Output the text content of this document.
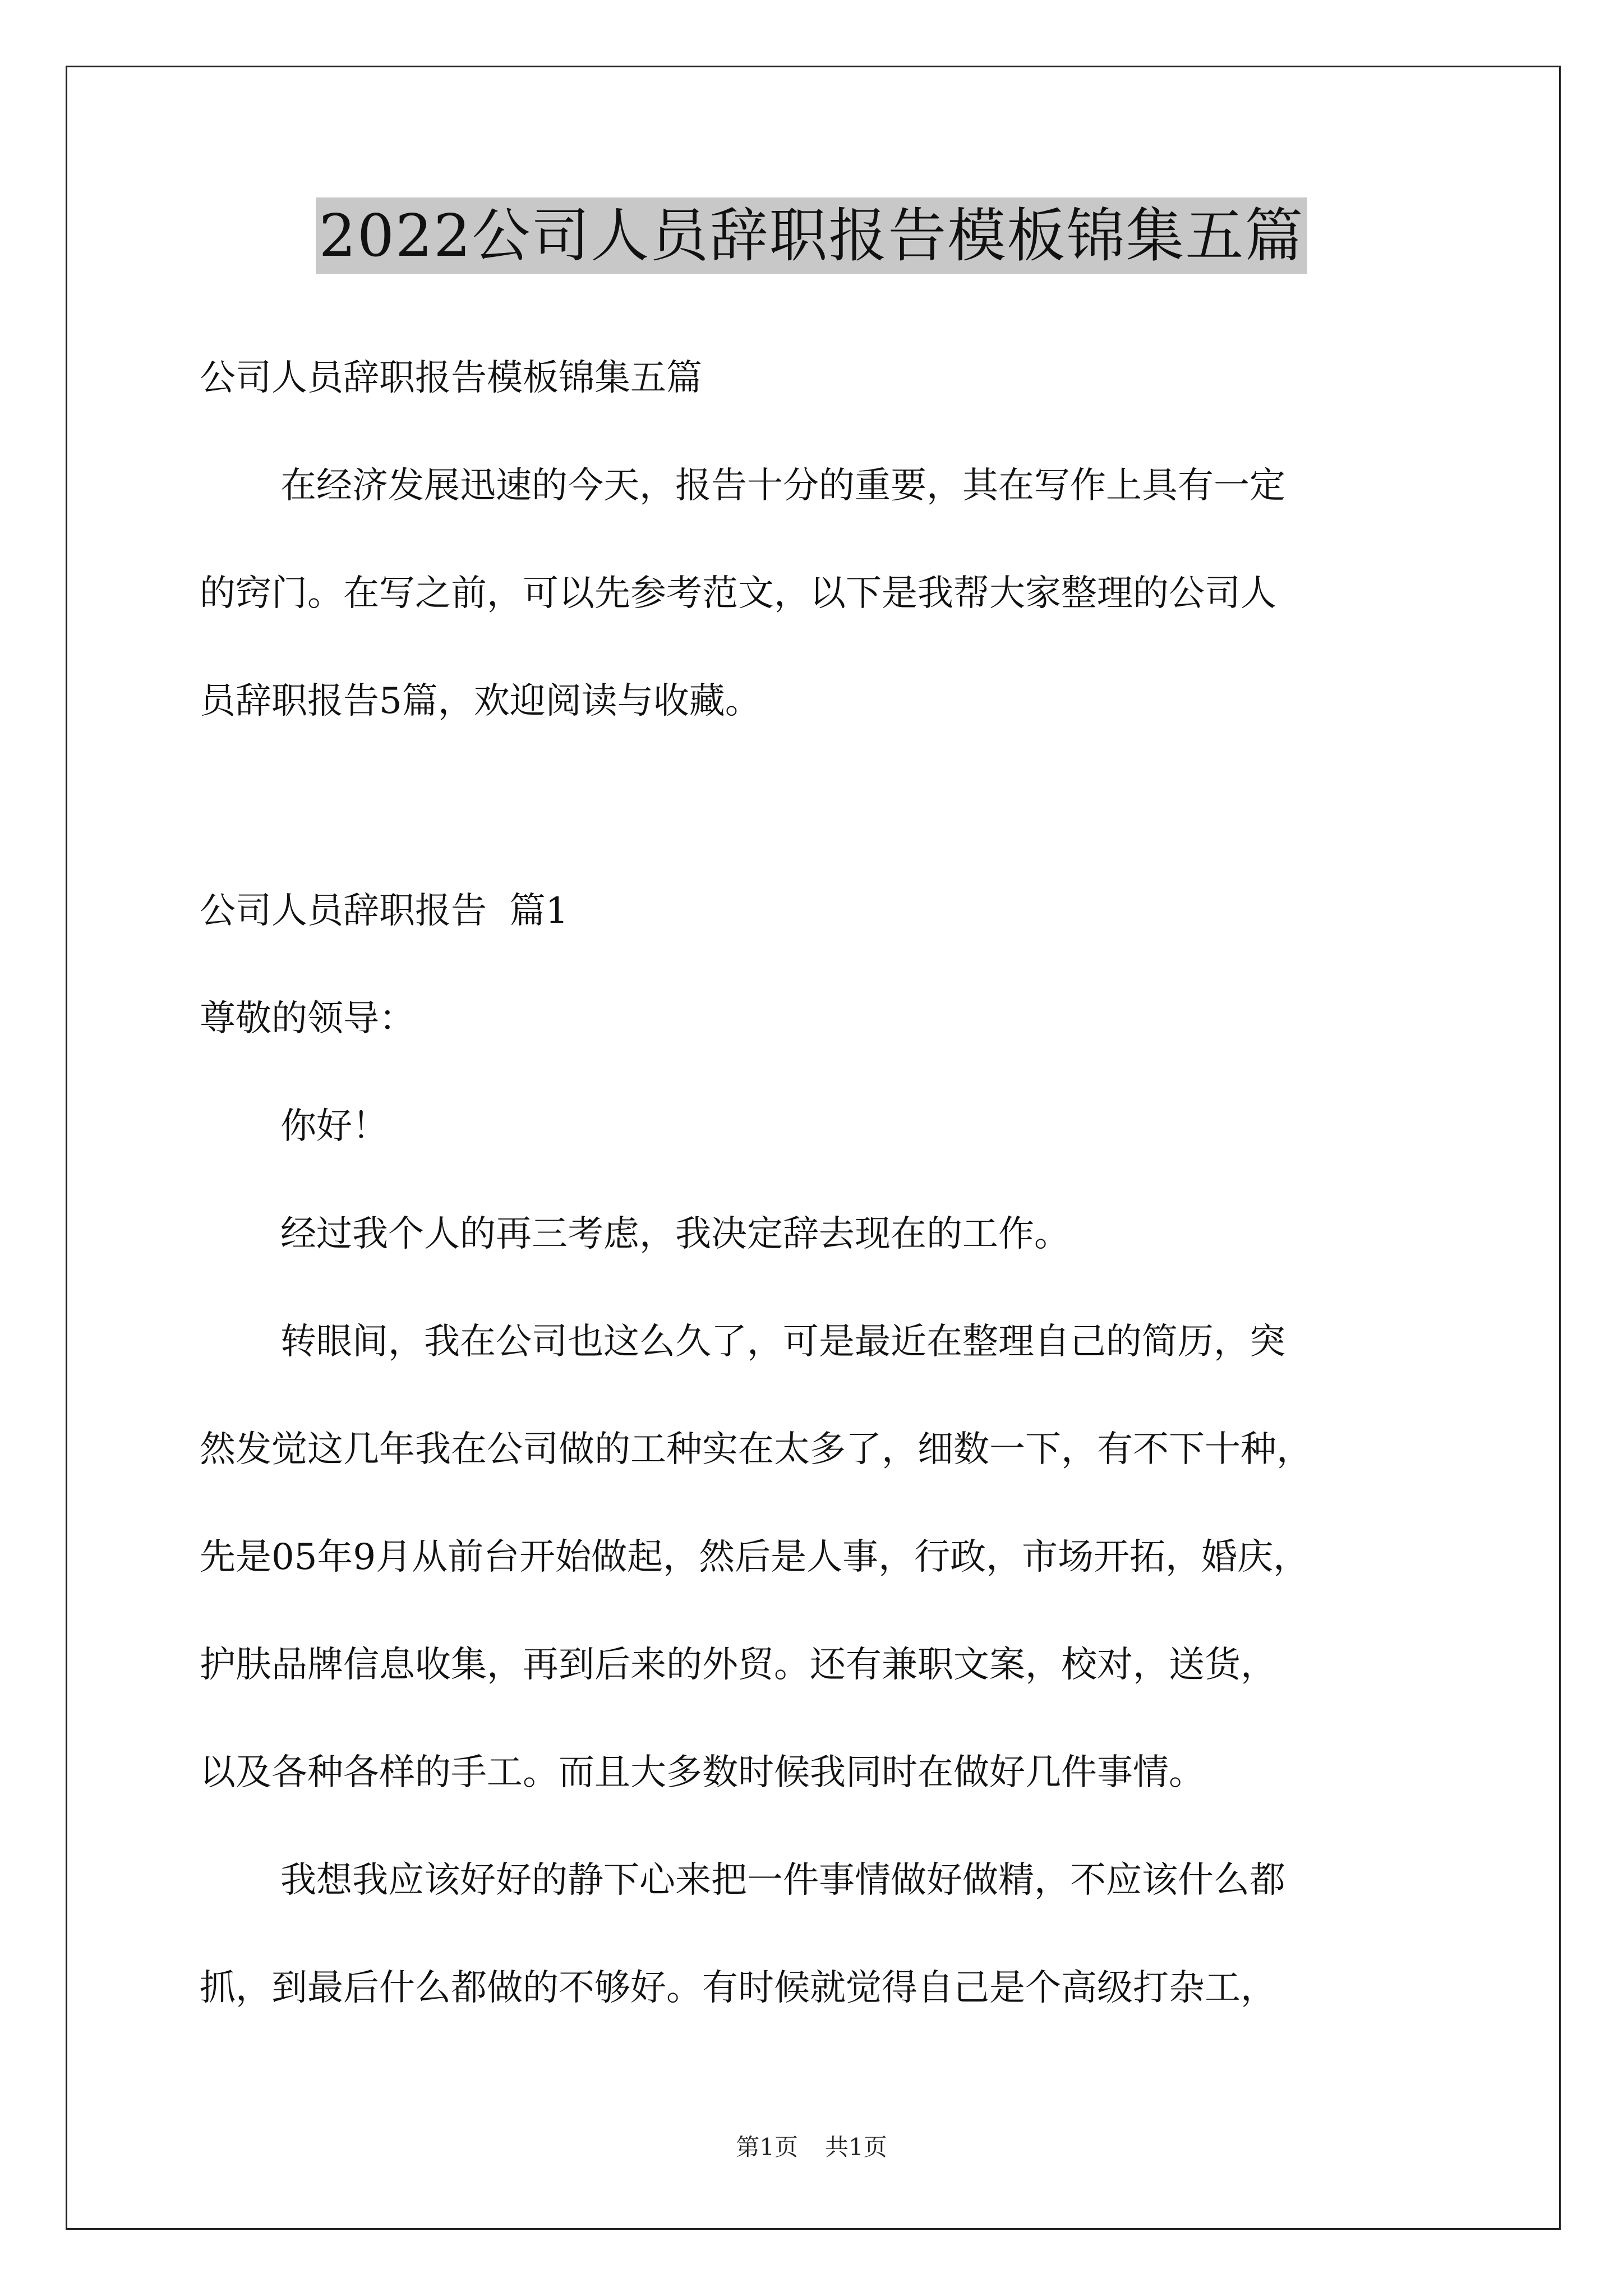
2022公司人员辞职报告模板锦集五篇
公司人员辞职报告模板锦集五篇
在经济发展迅速的今天，报告十分的重要，其在写作上具有一定
的窍门。在写之前，可以先参考范文，以下是我帮大家整理的公司人
员辞职报告5篇，欢迎阅读与收藏。
公司人员辞职报告  篇1
尊敬的领导：
你好！
经过我个人的再三考虑，我决定辞去现在的工作。
转眼间，我在公司也这么久了，可是最近在整理自己的简历，突
然发觉这几年我在公司做的工种实在太多了，细数一下，有不下十种，
先是05年9月从前台开始做起，然后是人事，行政，市场开拓，婚庆，
护肤品牌信息收集，再到后来的外贸。还有兼职文案，校对，送货，
以及各种各样的手工。而且大多数时候我同时在做好几件事情。
我想我应该好好的静下心来把一件事情做好做精，不应该什么都
抓，到最后什么都做的不够好。有时候就觉得自己是个高级打杂工，
第1页 共1页
